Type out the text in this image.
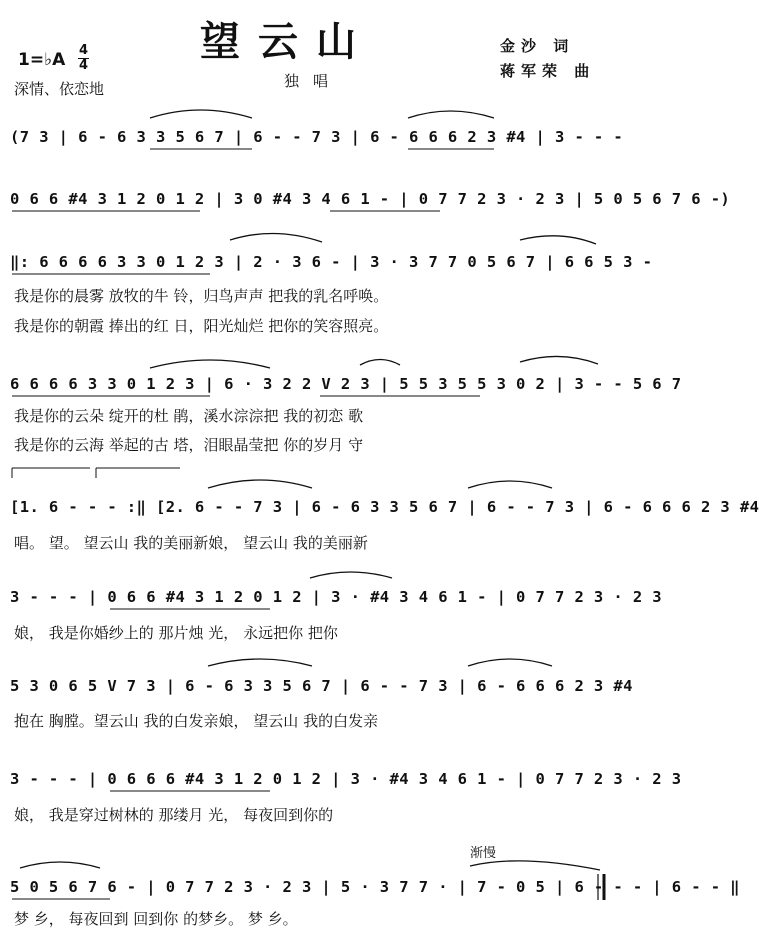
望云山
1=♭A 4
4
深情、依恋地	独唱
金沙 词
蒋军荣 曲
(7 3 | 6 - 6 3 3 5 6 7 | 6 - - 7 3 | 6 - 6 6 6 2 3 #4 | 3 - - -
0 6 6 #4 3 1 2 0 1 2 | 3 0 #4 3 4 6 1 - | 0 7 7 2 3 · 2 3 | 5 0 5 6 7 6 -)
‖: 6 6 6 6 3 3 0 1 2 3 | 2 · 3 6 - | 3 · 3 7 7 0 5 6 7 | 6 6 5 3 -
我是你的晨雾 放牧的牛 铃，归鸟声声 把我的乳名呼唤。
我是你的朝霞 捧出的红 日，阳光灿烂 把你的笑容照亮。
6 6 6 6 3 3 0 1 2 3 | 6 · 3 2 2 V 2 3 | 5 5 3 5 5 3 0 2 | 3 - - 5 6 7
我是你的云朵 绽开的杜 鹃，溪水淙淙把 我的初恋 歌
我是你的云海 举起的古 塔，泪眼晶莹把 你的岁月 守
[1. 6 - - - :‖ [2. 6 - - 7 3 | 6 - 6 3 3 5 6 7 | 6 - - 7 3 | 6 - 6 6 6 2 3 #4
唱。 望。 望云山 我的美丽新娘， 望云山 我的美丽新
3 - - - | 0 6 6 #4 3 1 2 0 1 2 | 3 · #4 3 4 6 1 - | 0 7 7 2 3 · 2 3
娘， 我是你婚纱上的 那片烛 光， 永远把你 把你
5 3 0 6 5 V 7 3 | 6 - 6 3 3 5 6 7 | 6 - - 7 3 | 6 - 6 6 6 2 3 #4
抱在 胸膛。望云山 我的白发亲娘， 望云山 我的白发亲
3 - - - | 0 6 6 6 #4 3 1 2 0 1 2 | 3 · #4 3 4 6 1 - | 0 7 7 2 3 · 2 3
娘， 我是穿过树林的 那缕月 光， 每夜回到你的
渐慢
5 0 5 6 7 6 - | 0 7 7 2 3 · 2 3 | 5 · 3 7 7 · | 7 - 0 5 | 6 - - - | 6 - - ‖
梦 乡， 每夜回到 回到你 的梦乡。 梦 乡。
